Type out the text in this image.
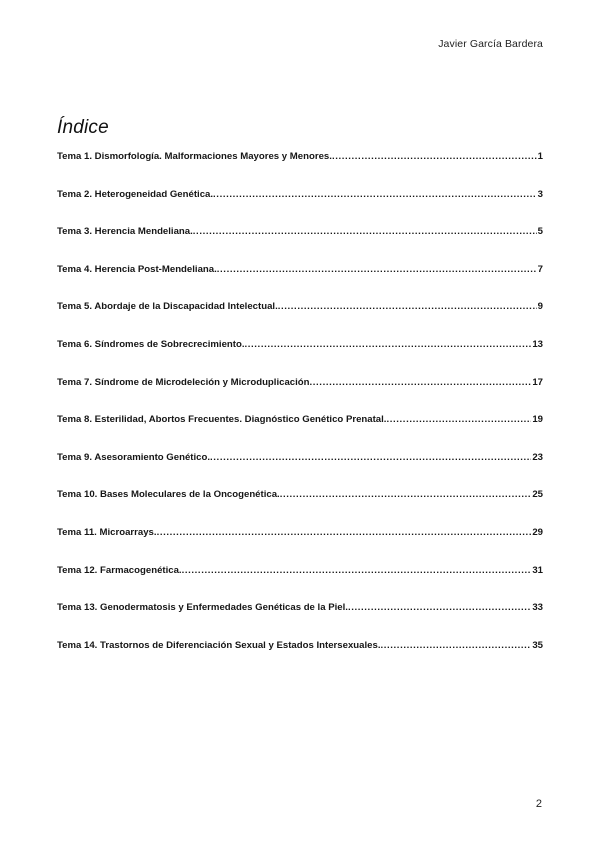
Javier García Bardera
Índice
Tema 1. Dismorfología. Malformaciones Mayores y Menores. .....	1
Tema 2. Heterogeneidad Genética. .....	3
Tema 3. Herencia Mendeliana. .....	5
Tema 4. Herencia Post-Mendeliana. .....	7
Tema 5. Abordaje de la Discapacidad Intelectual. .....	9
Tema 6. Síndromes de Sobrecrecimiento. .....	13
Tema 7. Síndrome de Microdeleción y Microduplicación .....	17
Tema 8. Esterilidad, Abortos Frecuentes. Diagnóstico Genético Prenatal. .....	19
Tema 9. Asesoramiento Genético. .....	23
Tema 10. Bases Moleculares de la Oncogenética. .....	25
Tema 11. Microarrays. .....	29
Tema 12. Farmacogenética. .....	31
Tema 13. Genodermatosis y Enfermedades Genéticas de la Piel. .....	33
Tema 14. Trastornos de Diferenciación Sexual y Estados Intersexuales. .....	35
2
